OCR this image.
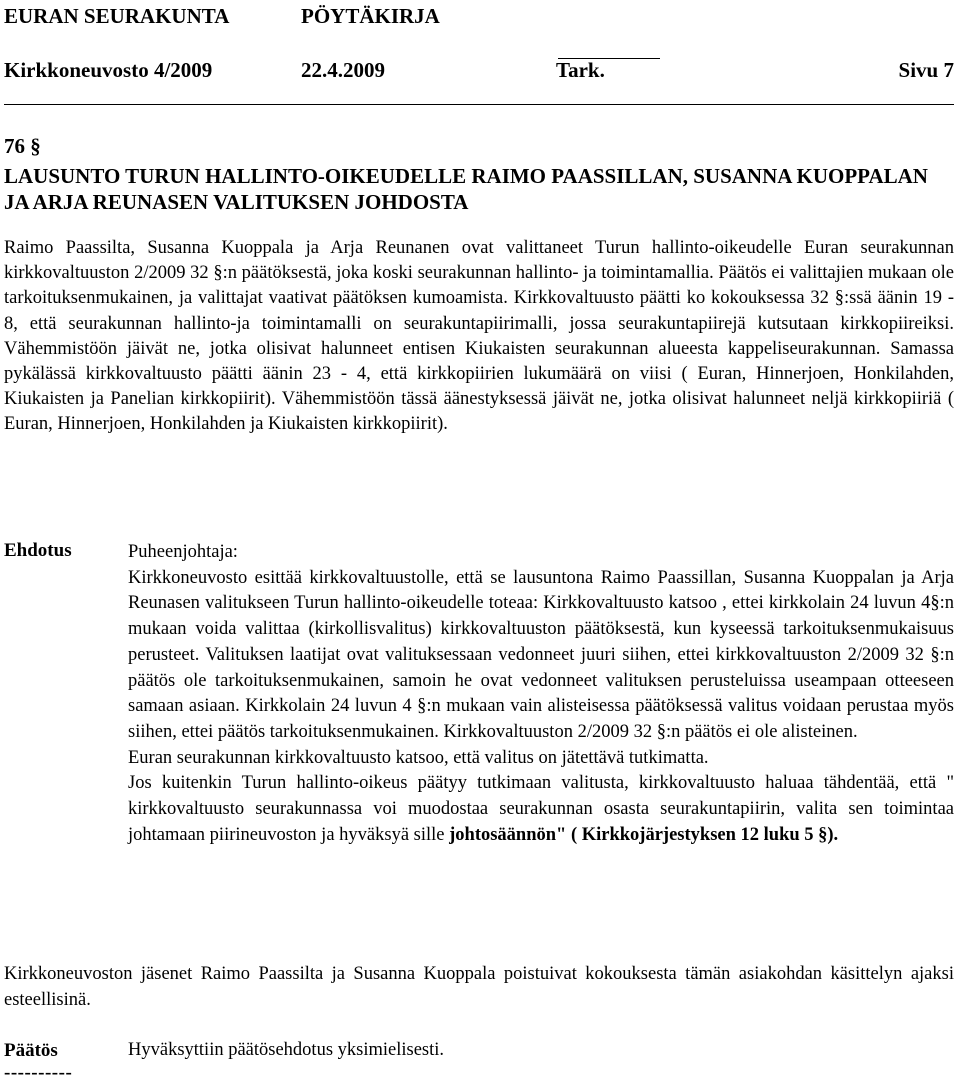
EURAN SEURAKUNTA	PÖYTÄKIRJA
Kirkkoneuvosto 4/2009	22.4.2009	Tark.	Sivu 7
76 §
LAUSUNTO TURUN HALLINTO-OIKEUDELLE RAIMO PAASSILLAN, SUSANNA KUOPPALAN JA ARJA REUNASEN VALITUKSEN JOHDOSTA
Raimo Paassilta, Susanna Kuoppala ja Arja Reunanen ovat valittaneet Turun hallinto-oikeudelle Euran seurakunnan kirkkovaltuuston 2/2009 32 §:n päätöksestä, joka koski seurakunnan hallinto- ja toimintamallia. Päätös ei valittajien mukaan ole tarkoituksenmukainen, ja valittajat vaativat päätöksen kumoamista. Kirkkovaltuusto päätti ko kokouksessa 32 §:ssä äänin 19 - 8, että seurakunnan hallinto-ja toimintamalli on seurakuntapiirimalli, jossa seurakuntapiirejä kutsutaan kirkkopiireiksi. Vähemmistöön jäivät ne, jotka olisivat halunneet entisen Kiukaisten seurakunnan alueesta kappeliseurakunnan. Samassa pykälässä kirkkovaltuusto päätti äänin 23 - 4, että kirkkopiirien lukumäärä on viisi ( Euran, Hinnerjoen, Honkilahden, Kiukaisten ja Panelian kirkkopiirit). Vähemmistöön tässä äänestyksessä jäivät ne, jotka olisivat halunneet neljä kirkkopiiriä ( Euran, Hinnerjoen, Honkilahden ja Kiukaisten kirkkopiirit).
Ehdotus	Puheenjohtaja:
Kirkkoneuvosto esittää kirkkovaltuustolle, että se lausuntona Raimo Paassillan, Susanna Kuoppalan ja Arja Reunasen valitukseen Turun hallinto-oikeudelle toteaa: Kirkkovaltuusto katsoo , ettei kirkkolain 24 luvun 4§:n mukaan voida valittaa (kirkollisvalitus) kirkkovaltuuston päätöksestä, kun kyseessä tarkoituksenmukaisuus perusteet. Valituksen laatijat ovat valituksessaan vedonneet juuri siihen, ettei kirkkovaltuuston 2/2009 32 §:n päätös ole tarkoituksenmukainen, samoin he ovat vedonneet valituksen perusteluissa useampaan otteeseen samaan asiaan. Kirkkolain 24 luvun 4 §:n mukaan vain alisteisessa päätöksessä valitus voidaan perustaa myös siihen, ettei päätös tarkoituksenmukainen. Kirkkovaltuuston 2/2009 32 §:n päätös ei ole alisteinen.
Euran seurakunnan kirkkovaltuusto katsoo, että valitus on jätettävä tutkimatta.
Jos kuitenkin Turun hallinto-oikeus päätyy tutkimaan valitusta, kirkkovaltuusto haluaa tähdentää, että " kirkkovaltuusto seurakunnassa voi muodostaa seurakunnan osasta seurakuntapiirin, valita sen toimintaa johtamaan piirineuvoston ja hyväksyä sille johtosäännön" ( Kirkkojärjestyksen 12 luku 5 §).
Kirkkoneuvoston jäsenet Raimo Paassilta ja Susanna Kuoppala poistuivat kokouksesta tämän asiakohdan käsittelyn ajaksi esteellisinä.
Päätös	Hyväksyttiin päätösehdotus yksimielisesti.
----------
